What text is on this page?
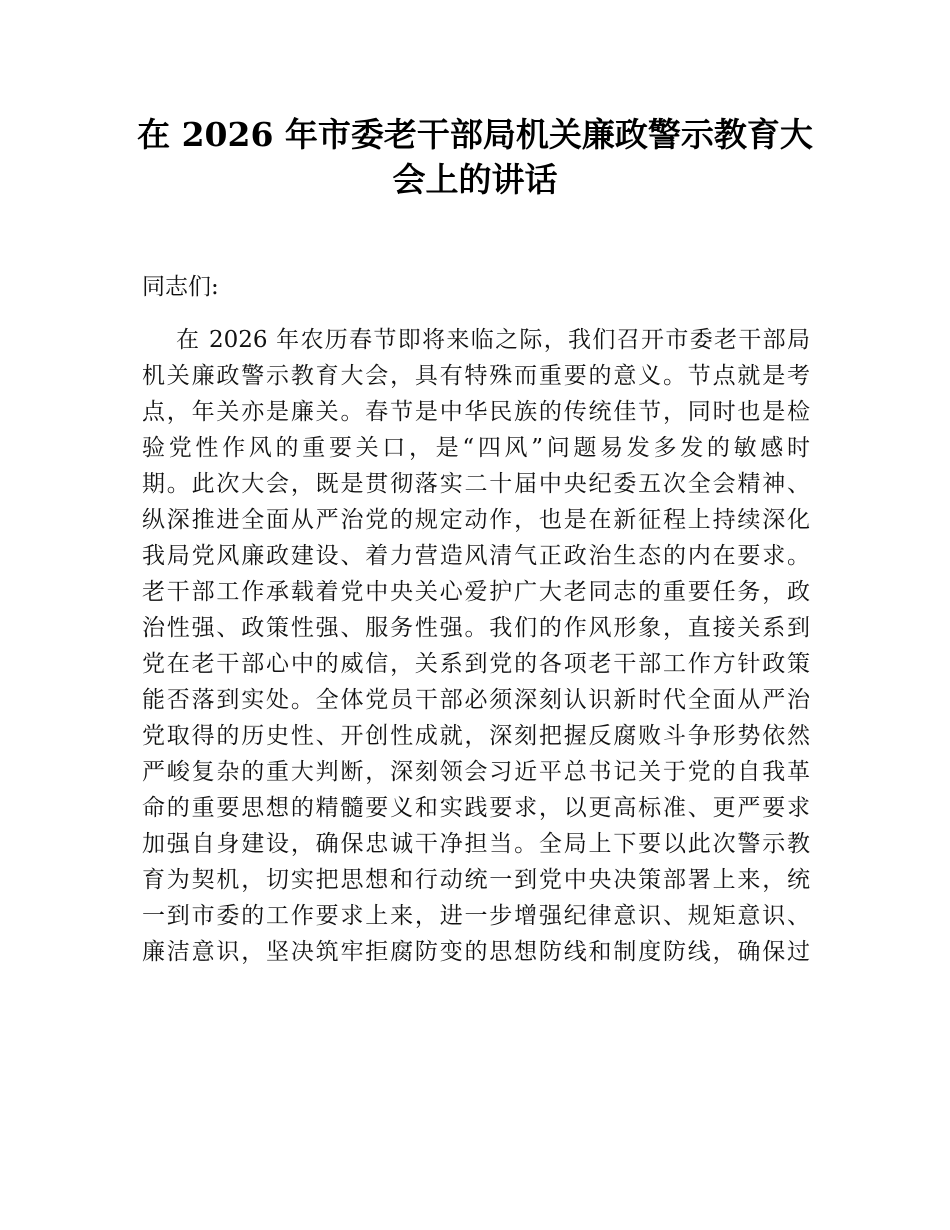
在 2026 年市委老干部局机关廉政警示教育大
会上的讲话

同志们:

在 2026 年农历春节即将来临之际，我们召开市委老干部局
机关廉政警示教育大会，具有特殊而重要的意义。节点就是考
点，年关亦是廉关。春节是中华民族的传统佳节，同时也是检
验党性作风的重要关口，是“四风”问题易发多发的敏感时
期。此次大会，既是贯彻落实二十届中央纪委五次全会精神、
纵深推进全面从严治党的规定动作，也是在新征程上持续深化
我局党风廉政建设、着力营造风清气正政治生态的内在要求。
老干部工作承载着党中央关心爱护广大老同志的重要任务，政
治性强、政策性强、服务性强。我们的作风形象，直接关系到
党在老干部心中的威信，关系到党的各项老干部工作方针政策
能否落到实处。全体党员干部必须深刻认识新时代全面从严治
党取得的历史性、开创性成就，深刻把握反腐败斗争形势依然
严峻复杂的重大判断，深刻领会习近平总书记关于党的自我革
命的重要思想的精髓要义和实践要求，以更高标准、更严要求
加强自身建设，确保忠诚干净担当。全局上下要以此次警示教
育为契机，切实把思想和行动统一到党中央决策部署上来，统
一到市委的工作要求上来，进一步增强纪律意识、规矩意识、
廉洁意识，坚决筑牢拒腐防变的思想防线和制度防线，确保过
